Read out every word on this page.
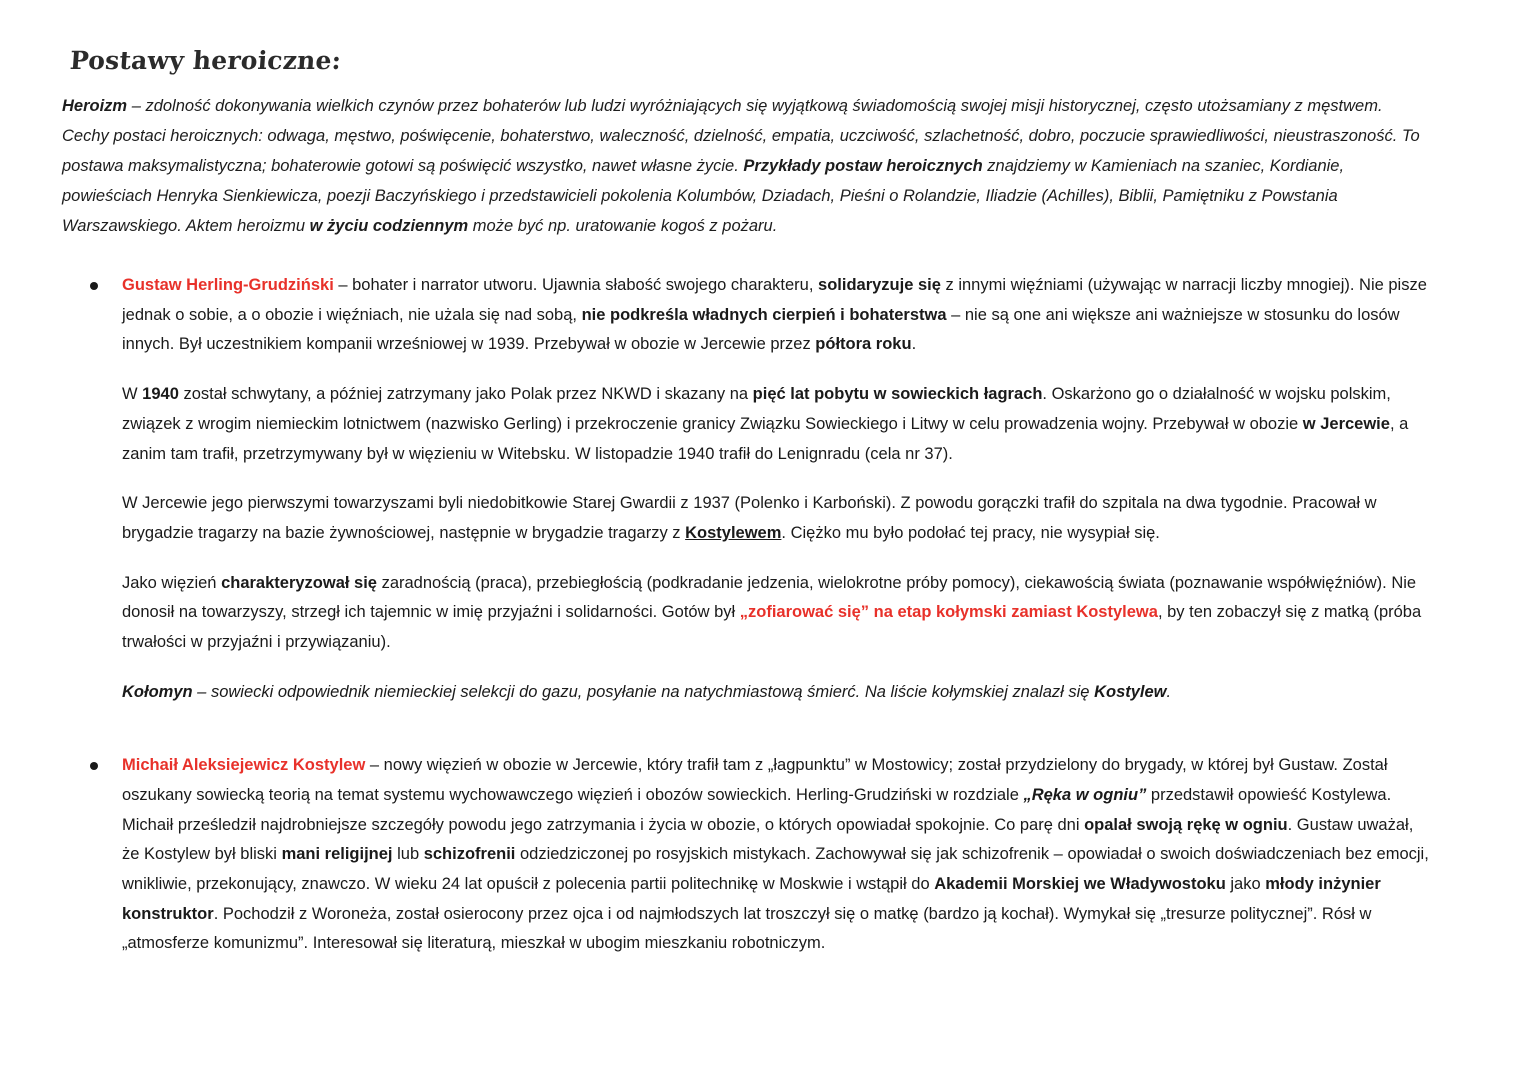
Postawy heroiczne:

Heroizm – zdolność dokonywania wielkich czynów przez bohaterów lub ludzi wyróżniających się wyjątkową świadomością swojej misji historycznej, często utożsamiany z męstwem. Cechy postaci heroicznych: odwaga, męstwo, poświęcenie, bohaterstwo, waleczność, dzielność, empatia, uczciwość, szlachetność, dobro, poczucie sprawiedliwości, nieustraszoność. To postawa maksymalistyczna; bohaterowie gotowi są poświęcić wszystko, nawet własne życie. Przykłady postaw heroicznych znajdziemy w Kamieniach na szaniec, Kordianie, powieściach Henryka Sienkiewicza, poezji Baczyńskiego i przedstawicieli pokolenia Kolumbów, Dziadach, Pieśni o Rolandzie, Iliadzie (Achilles), Biblii, Pamiętniku z Powstania Warszawskiego. Aktem heroizmu w życiu codziennym może być np. uratowanie kogoś z pożaru.

Gustaw Herling-Grudziński – bohater i narrator utworu. Ujawnia słabość swojego charakteru, solidaryzuje się z innymi więźniami (używając w narracji liczby mnogiej). Nie pisze jednak o sobie, a o obozie i więźniach, nie użala się nad sobą, nie podkreśla władnych cierpień i bohaterstwa – nie są one ani większe ani ważniejsze w stosunku do losów innych. Był uczestnikiem kompanii wrześniowej w 1939. Przebywał w obozie w Jercewie przez półtora roku.

W 1940 został schwytany, a później zatrzymany jako Polak przez NKWD i skazany na pięć lat pobytu w sowieckich łagrach. Oskarżono go o działalność w wojsku polskim, związek z wrogim niemieckim lotnictwem (nazwisko Gerling) i przekroczenie granicy Związku Sowieckiego i Litwy w celu prowadzenia wojny. Przebywał w obozie w Jercewie, a zanim tam trafił, przetrzymywany był w więzieniu w Witebsku. W listopadzie 1940 trafił do Lenignradu (cela nr 37).

W Jercewie jego pierwszymi towarzyszami byli niedobitkowie Starej Gwardii z 1937 (Polenko i Karboński). Z powodu gorączki trafił do szpitala na dwa tygodnie. Pracował w brygadzie tragarzy na bazie żywnościowej, następnie w brygadzie tragarzy z Kostylewem. Ciężko mu było podołać tej pracy, nie wysypiał się.

Jako więzień charakteryzował się zaradnością (praca), przebiegłością (podkradanie jedzenia, wielokrotne próby pomocy), ciekawością świata (poznawanie współwięźniów). Nie donosił na towarzyszy, strzegł ich tajemnic w imię przyjaźni i solidarności. Gotów był „zofiarować się” na etap kołymski zamiast Kostylewa, by ten zobaczył się z matką (próba trwałości w przyjaźni i przywiązaniu).

Kołomyn – sowiecki odpowiednik niemieckiej selekcji do gazu, posyłanie na natychmiastową śmierć. Na liście kołymskiej znalazł się Kostylew.

Michaił Aleksiejewicz Kostylew – nowy więzień w obozie w Jercewie, który trafił tam z „łagpunktu” w Mostowicy; został przydzielony do brygady, w której był Gustaw. Został oszukany sowiecką teorią na temat systemu wychowawczego więzień i obozów sowieckich. Herling-Grudziński w rozdziale „Ręka w ogniu” przedstawił opowieść Kostylewa. Michaił prześledził najdrobniejsze szczegóły powodu jego zatrzymania i życia w obozie, o których opowiadał spokojnie. Co parę dni opalał swoją rękę w ogniu. Gustaw uważał, że Kostylew był bliski mani religijnej lub schizofrenii odziedziczonej po rosyjskich mistykach. Zachowywał się jak schizofrenik – opowiadał o swoich doświadczeniach bez emocji, wnikliwie, przekonujący, znawczo. W wieku 24 lat opuścił z polecenia partii politechnikę w Moskwie i wstąpił do Akademii Morskiej we Władywostoku jako młody inżynier konstruktor. Pochodził z Woroneża, został osierocony przez ojca i od najmłodszych lat troszczył się o matkę (bardzo ją kochał). Wymykał się „tresurze politycznej”. Rósł w „atmosferze komunizmu”. Interesował się literaturą, mieszkał w ubogim mieszkaniu robotniczym.
